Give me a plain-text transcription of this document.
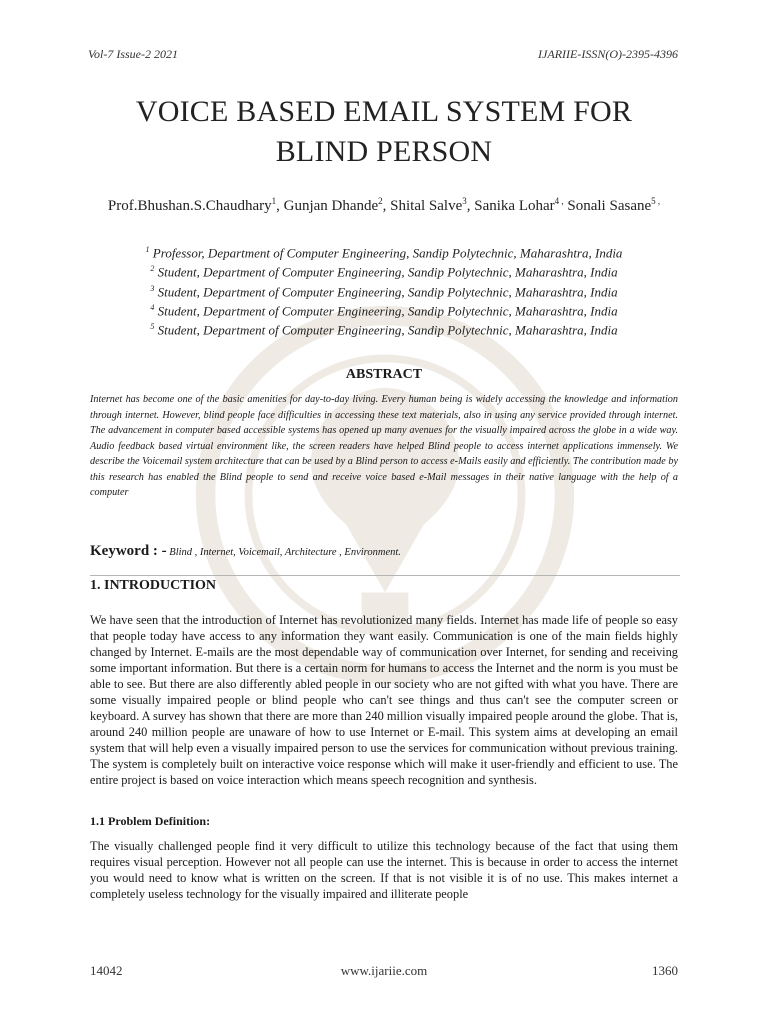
Vol-7 Issue-2 2021	IJARIIE-ISSN(O)-2395-4396
VOICE BASED EMAIL SYSTEM FOR
BLIND PERSON
Prof.Bhushan.S.Chaudhary$^1$, Gunjan Dhande$^2$, Shital Salve$^3$, Sanika Lohar$^{4 ,}$ Sonali Sasane$^{5 ,}$
$^1$ Professor, Department of Computer Engineering, Sandip Polytechnic, Maharashtra, India
$^2$ Student, Department of Computer Engineering, Sandip Polytechnic, Maharashtra, India
$^3$ Student, Department of Computer Engineering, Sandip Polytechnic, Maharashtra, India
$^4$ Student, Department of Computer Engineering, Sandip Polytechnic, Maharashtra, India
$^5$ Student, Department of Computer Engineering, Sandip Polytechnic, Maharashtra, India
ABSTRACT

Internet has become one of the basic amenities for day-to-day living. Every human being is widely accessing the knowledge and information through internet. However, blind people face difficulties in accessing these text materials, also in using any service provided through internet. The advancement in computer based accessible systems has opened up many avenues for the visually impaired across the globe in a wide way. Audio feedback based virtual environment like, the screen readers have helped Blind people to access internet applications immensely. We describe the Voicemail system architecture that can be used by a Blind person to access e-Mails easily and efficiently. The contribution made by this research has enabled the Blind people to send and receive voice based e-Mail messages in their native language with the help of a computer

Keyword : - Blind , Internet, Voicemail, Architecture , Environment.
1. INTRODUCTION

We have seen that the introduction of Internet has revolutionized many fields. Internet has made life of people so easy that people today have access to any information they want easily. Communication is one of the main fields highly changed by Internet. E-mails are the most dependable way of communication over Internet, for sending and receiving some important information. But there is a certain norm for humans to access the Internet and the norm is you must be able to see. But there are also differently abled people in our society who are not gifted with what you have. There are some visually impaired people or blind people who can't see things and thus can't see the computer screen or keyboard. A survey has shown that there are more than 240 million visually impaired people around the globe. That is, around 240 million people are unaware of how to use Internet or E-mail. This system aims at developing an email system that will help even a visually impaired person to use the services for communication without previous training. The system is completely built on interactive voice response which will make it user-friendly and efficient to use. The entire project is based on voice interaction which means speech recognition and synthesis.

1.1 Problem Definition:

The visually challenged people find it very difficult to utilize this technology because of the fact that using them requires visual perception. However not all people can use the internet. This is because in order to access the internet you would need to know what is written on the screen. If that is not visible it is of no use. This makes internet a completely useless technology for the visually impaired and illiterate people

14042	www.ijariie.com	1360
